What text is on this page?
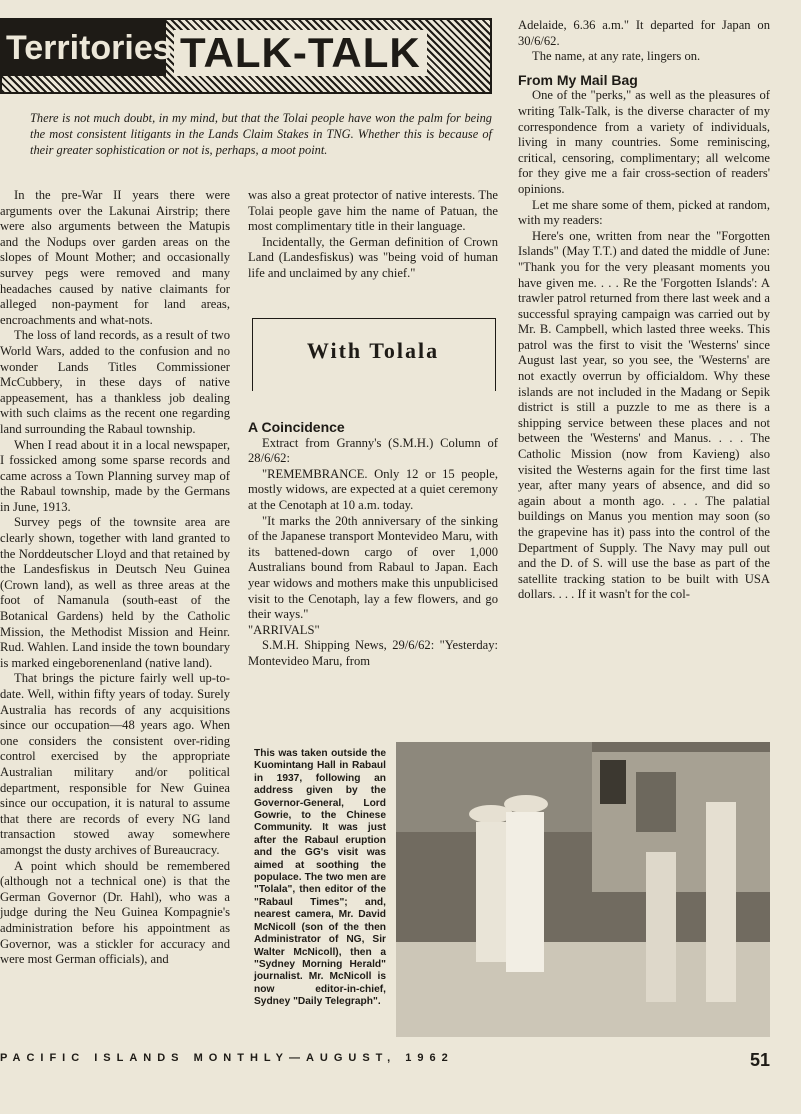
Territories TALK-TALK
There is not much doubt, in my mind, but that the Tolai people have won the palm for being the most consistent litigants in the Lands Claim Stakes in TNG. Whether this is because of their greater sophistication or not is, perhaps, a moot point.

In the pre-War II years there were arguments over the Lakunai Airstrip; there were also arguments between the Matupis and the Nodups over garden areas on the slopes of Mount Mother; and occasionally survey pegs were removed and many headaches caused by native claimants for alleged non-payment for land areas, encroachments and what-nots.

The loss of land records, as a result of two World Wars, added to the confusion and no wonder Lands Titles Commissioner McCubbery, in these days of native appeasement, has a thankless job dealing with such claims as the recent one regarding land surrounding the Rabaul township.

When I read about it in a local newspaper, I fossicked among some sparse records and came across a Town Planning survey map of the Rabaul township, made by the Germans in June, 1913.

Survey pegs of the townsite area are clearly shown, together with land granted to the Norddeutscher Lloyd and that retained by the Landesfiskus in Deutsch Neu Guinea (Crown land), as well as three areas at the foot of Namanula (south-east of the Botanical Gardens) held by the Catholic Mission, the Methodist Mission and Heinr. Rud. Wahlen. Land inside the town boundary is marked eingeborenenland (native land).

That brings the picture fairly well up-to-date. Well, within fifty years of today. Surely Australia has records of any acquisitions since our occupation—48 years ago. When one considers the consistent over-riding control exercised by the appropriate Australian military and/or political department, responsible for New Guinea since our occupation, it is natural to assume that there are records of every NG land transaction stowed away somewhere amongst the dusty archives of Bureaucracy.

A point which should be remembered (although not a technical one) is that the German Governor (Dr. Hahl), who was a judge during the Neu Guinea Kompagnie's administration before his appointment as Governor, was a stickler for accuracy and were most German officials), and

was also a great protector of native interests. The Tolai people gave him the name of Patuan, the most complimentary title in their language.

Incidentally, the German definition of Crown Land (Landesfiskus) was "being void of human life and unclaimed by any chief."

With Tolala
A Coincidence

Extract from Granny's (S.M.H.) Column of 28/6/62:

"REMEMBRANCE. Only 12 or 15 people, mostly widows, are expected at a quiet ceremony at the Cenotaph at 10 a.m. today.

"It marks the 20th anniversary of the sinking of the Japanese transport Montevideo Maru, with its battened-down cargo of over 1,000 Australians bound from Rabaul to Japan. Each year widows and mothers make this unpublicised visit to the Cenotaph, lay a few flowers, and go their ways."

"ARRIVALS"

S.M.H. Shipping News, 29/6/62: "Yesterday: Montevideo Maru, from

Adelaide, 6.36 a.m." It departed for Japan on 30/6/62.

The name, at any rate, lingers on.

From My Mail Bag

One of the "perks," as well as the pleasures of writing Talk-Talk, is the diverse character of my correspondence from a variety of individuals, living in many countries. Some reminiscing, critical, censoring, complimentary; all welcome for they give me a fair cross-section of readers' opinions.

Let me share some of them, picked at random, with my readers:

Here's one, written from near the "Forgotten Islands" (May T.T.) and dated the middle of June: "Thank you for the very pleasant moments you have given me. . . . Re the 'Forgotten Islands': A trawler patrol returned from there last week and a successful spraying campaign was carried out by Mr. B. Campbell, which lasted three weeks. This patrol was the first to visit the 'Westerns' since August last year, so you see, the 'Westerns' are not exactly overrun by officialdom. Why these islands are not included in the Madang or Sepik district is still a puzzle to me as there is a shipping service between these places and not between the 'Westerns' and Manus. . . . The Catholic Mission (now from Kavieng) also visited the Westerns again for the first time last year, after many years of absence, and did so again about a month ago. . . . The palatial buildings on Manus you mention may soon (so the grapevine has it) pass into the control of the Department of Supply. The Navy may pull out and the D. of S. will use the base as part of the satellite tracking station to be built with USA dollars. . . . If it wasn't for the col-

This was taken outside the Kuomintang Hall in Rabaul in 1937, following an address given by the Governor-General, Lord Gowrie, to the Chinese Community. It was just after the Rabaul eruption and the GG's visit was aimed at soothing the populace. The two men are "Tolala", then editor of the "Rabaul Times"; and, nearest camera, Mr. David McNicoll (son of the then Administrator of NG, Sir Walter McNicoll), then a "Sydney Morning Herald" journalist. Mr. McNicoll is now editor-in-chief, Sydney "Daily Telegraph".
PACIFIC ISLANDS MONTHLY—AUGUST, 1962	51
